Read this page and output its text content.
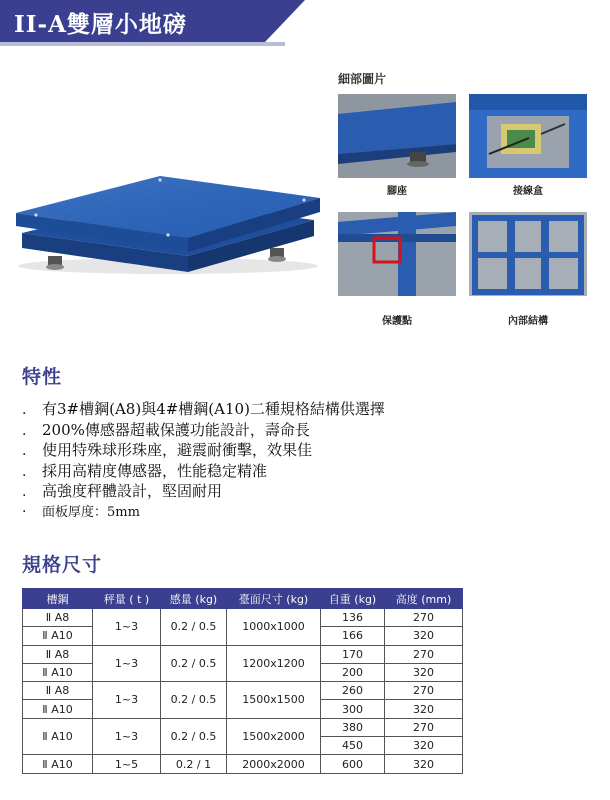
II-A雙層小地磅
細部圖片
腳座	接線盒
保護點	內部結構
特性
.	有3#槽鋼(A8)與4#槽鋼(A10)二種規格結構供選擇
.	200%傳感器超載保護功能設計，壽命長
.	使用特殊球形珠座，避震耐衝擊，效果佳
.	採用高精度傳感器，性能稳定精准
.	高強度秤體設計，堅固耐用
·	面板厚度：5mm
規格尺寸
槽鋼	秤量 ( t )	感量 (kg)	臺面尺寸 (kg)	自重 (kg)	高度 (mm)
Ⅱ A8	1~3	0.2 / 0.5	1000x1000	136	270
Ⅱ A10				166	320
Ⅱ A8	1~3	0.2 / 0.5	1200x1200	170	270
Ⅱ A10				200	320
Ⅱ A8	1~3	0.2 / 0.5	1500x1500	260	270
Ⅱ A10				300	320
Ⅱ A10	1~3	0.2 / 0.5	1500x2000	380	270
				450	320
Ⅱ A10	1~5	0.2 / 1	2000x2000	600	320
